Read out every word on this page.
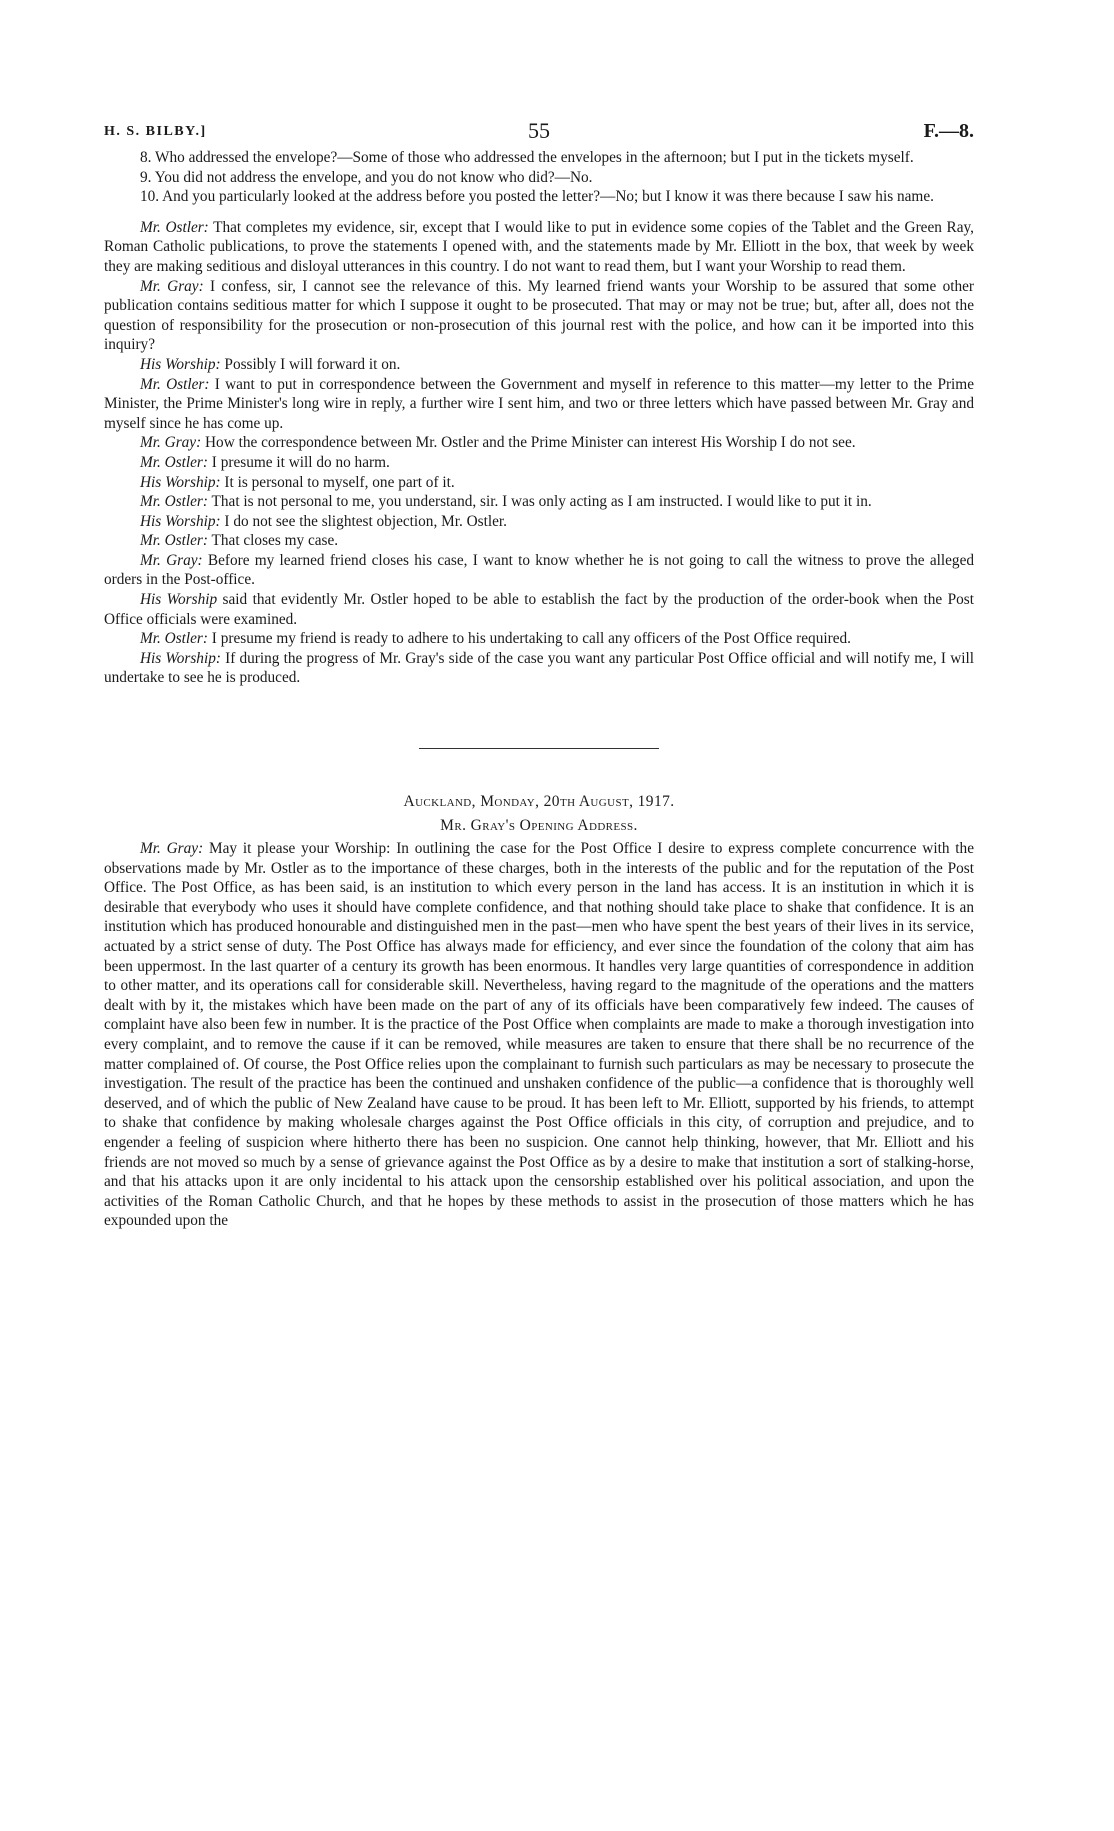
H. S. BILBY.]	55	F.—8.

8. Who addressed the envelope?—Some of those who addressed the envelopes in the afternoon; but I put in the tickets myself.

9. You did not address the envelope, and you do not know who did?—No.

10. And you particularly looked at the address before you posted the letter?—No; but I know it was there because I saw his name.

Mr. Ostler: That completes my evidence, sir, except that I would like to put in evidence some copies of the Tablet and the Green Ray, Roman Catholic publications, to prove the statements I opened with, and the statements made by Mr. Elliott in the box, that week by week they are making seditious and disloyal utterances in this country. I do not want to read them, but I want your Worship to read them.

Mr. Gray: I confess, sir, I cannot see the relevance of this. My learned friend wants your Worship to be assured that some other publication contains seditious matter for which I suppose it ought to be prosecuted. That may or may not be true; but, after all, does not the question of responsibility for the prosecution or non-prosecution of this journal rest with the police, and how can it be imported into this inquiry?

His Worship: Possibly I will forward it on.

Mr. Ostler: I want to put in correspondence between the Government and myself in reference to this matter—my letter to the Prime Minister, the Prime Minister's long wire in reply, a further wire I sent him, and two or three letters which have passed between Mr. Gray and myself since he has come up.

Mr. Gray: How the correspondence between Mr. Ostler and the Prime Minister can interest His Worship I do not see.

Mr. Ostler: I presume it will do no harm.

His Worship: It is personal to myself, one part of it.

Mr. Ostler: That is not personal to me, you understand, sir. I was only acting as I am instructed. I would like to put it in.

His Worship: I do not see the slightest objection, Mr. Ostler.

Mr. Ostler: That closes my case.

Mr. Gray: Before my learned friend closes his case, I want to know whether he is not going to call the witness to prove the alleged orders in the Post-office.

His Worship said that evidently Mr. Ostler hoped to be able to establish the fact by the production of the order-book when the Post Office officials were examined.

Mr. Ostler: I presume my friend is ready to adhere to his undertaking to call any officers of the Post Office required.

His Worship: If during the progress of Mr. Gray's side of the case you want any particular Post Office official and will notify me, I will undertake to see he is produced.

Auckland, Monday, 20th August, 1917.
Mr. Gray's Opening Address.

Mr. Gray: May it please your Worship: In outlining the case for the Post Office I desire to express complete concurrence with the observations made by Mr. Ostler as to the importance of these charges, both in the interests of the public and for the reputation of the Post Office. The Post Office, as has been said, is an institution to which every person in the land has access. It is an institution in which it is desirable that everybody who uses it should have complete confidence, and that nothing should take place to shake that confidence. It is an institution which has produced honourable and distinguished men in the past—men who have spent the best years of their lives in its service, actuated by a strict sense of duty. The Post Office has always made for efficiency, and ever since the foundation of the colony that aim has been uppermost. In the last quarter of a century its growth has been enormous. It handles very large quantities of correspondence in addition to other matter, and its operations call for considerable skill. Nevertheless, having regard to the magnitude of the operations and the matters dealt with by it, the mistakes which have been made on the part of any of its officials have been comparatively few indeed. The causes of complaint have also been few in number. It is the practice of the Post Office when complaints are made to make a thorough investigation into every complaint, and to remove the cause if it can be removed, while measures are taken to ensure that there shall be no recurrence of the matter complained of. Of course, the Post Office relies upon the complainant to furnish such particulars as may be necessary to prosecute the investigation. The result of the practice has been the continued and unshaken confidence of the public—a confidence that is thoroughly well deserved, and of which the public of New Zealand have cause to be proud. It has been left to Mr. Elliott, supported by his friends, to attempt to shake that confidence by making wholesale charges against the Post Office officials in this city, of corruption and prejudice, and to engender a feeling of suspicion where hitherto there has been no suspicion. One cannot help thinking, however, that Mr. Elliott and his friends are not moved so much by a sense of grievance against the Post Office as by a desire to make that institution a sort of stalking-horse, and that his attacks upon it are only incidental to his attack upon the censorship established over his political association, and upon the activities of the Roman Catholic Church, and that he hopes by these methods to assist in the prosecution of those matters which he has expounded upon the
